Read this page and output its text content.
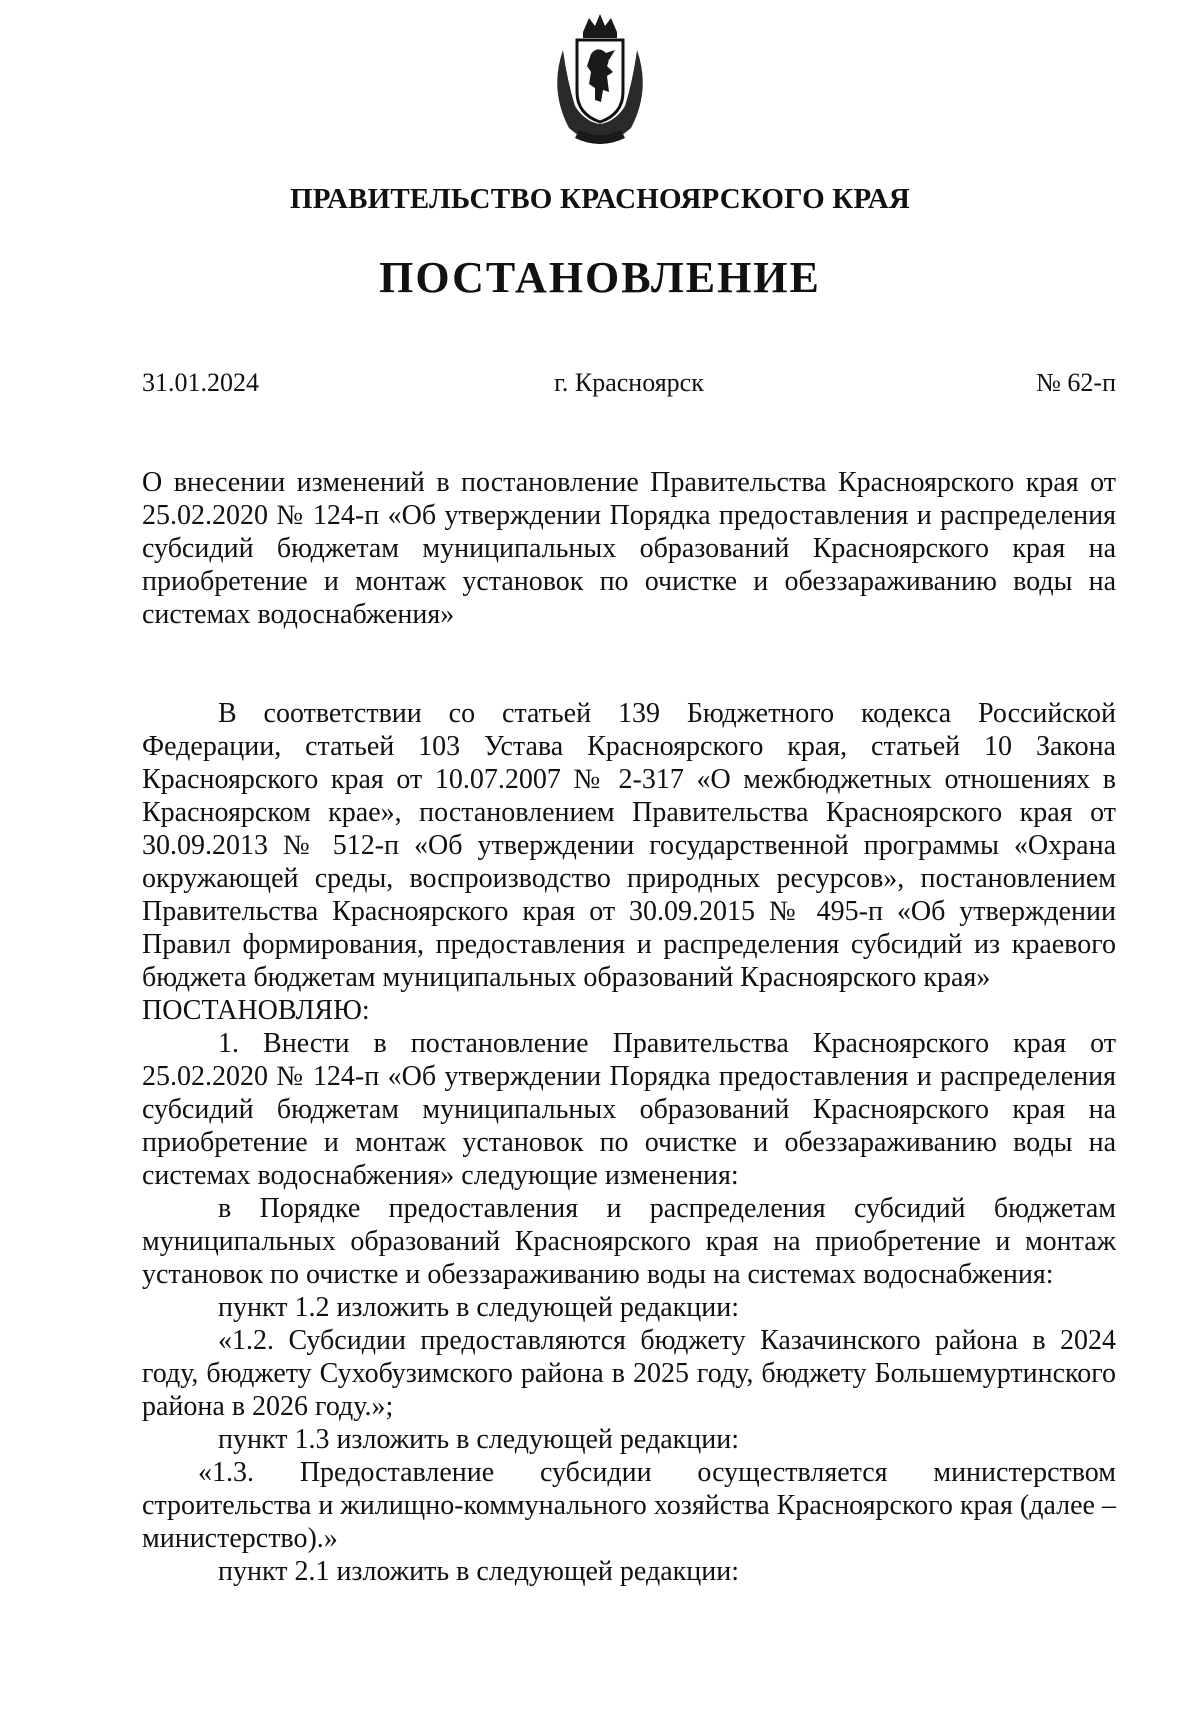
ПРАВИТЕЛЬСТВО КРАСНОЯРСКОГО КРАЯ
ПОСТАНОВЛЕНИЕ
31.01.2024	г. Красноярск	№ 62-п

О внесении изменений в постановление Правительства Красноярского края от 25.02.2020 № 124-п «Об утверждении Порядка предоставления и распределения субсидий бюджетам муниципальных образований Красноярского края на приобретение и монтаж установок по очистке и обеззараживанию воды на системах водоснабжения»

В соответствии со статьей 139 Бюджетного кодекса Российской Федерации, статьей 103 Устава Красноярского края, статьей 10 Закона Красноярского края от 10.07.2007 № 2-317 «О межбюджетных отношениях в Красноярском крае», постановлением Правительства Красноярского края от 30.09.2013 № 512-п «Об утверждении государственной программы «Охрана окружающей среды, воспроизводство природных ресурсов», постановлением Правительства Красноярского края от 30.09.2015 № 495-п «Об утверждении Правил формирования, предоставления и распределения субсидий из краевого бюджета бюджетам муниципальных образований Красноярского края»

ПОСТАНОВЛЯЮ:

1. Внести в постановление Правительства Красноярского края от 25.02.2020 № 124-п «Об утверждении Порядка предоставления и распределения субсидий бюджетам муниципальных образований Красноярского края на приобретение и монтаж установок по очистке и обеззараживанию воды на системах водоснабжения» следующие изменения:

в Порядке предоставления и распределения субсидий бюджетам муниципальных образований Красноярского края на приобретение и монтаж установок по очистке и обеззараживанию воды на системах водоснабжения:

пункт 1.2 изложить в следующей редакции:

«1.2. Субсидии предоставляются бюджету Казачинского района в 2024 году, бюджету Сухобузимского района в 2025 году, бюджету Большемуртинского района в 2026 году.»;

пункт 1.3 изложить в следующей редакции:

«1.3. Предоставление субсидии осуществляется министерством строительства и жилищно-коммунального хозяйства Красноярского края (далее – министерство).»

пункт 2.1 изложить в следующей редакции:
